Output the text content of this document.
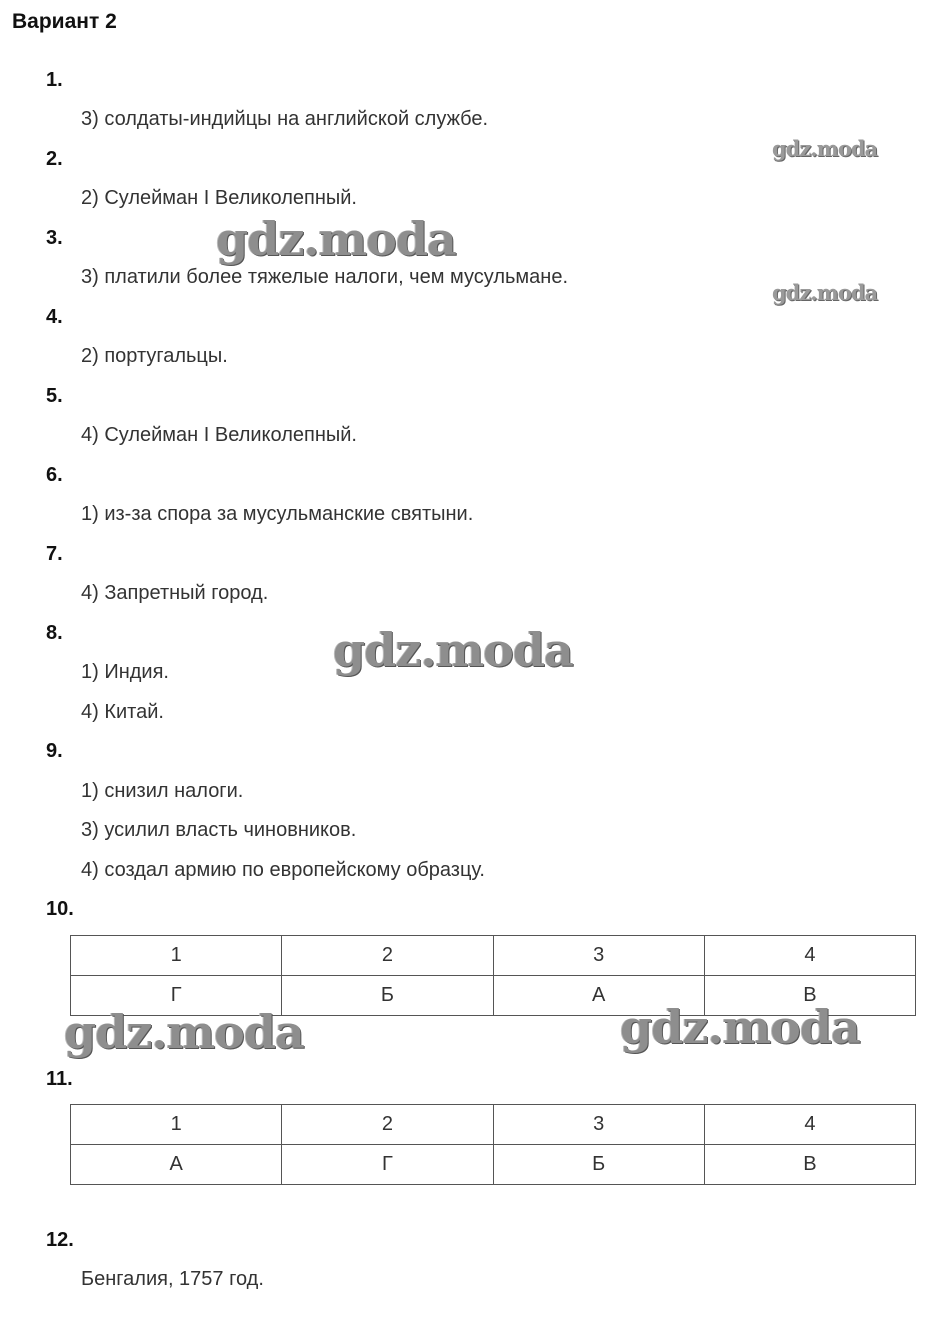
Вариант 2
1.
3) солдаты-индийцы на английской службе.
2.
2) Сулейман I Великолепный.
3.
3) платили более тяжелые налоги, чем мусульмане.
4.
2) португальцы.
5.
4) Сулейман I Великолепный.
6.
1) из-за спора за мусульманские святыни.
7.
4) Запретный город.
8.
1) Индия.
4) Китай.
9.
1) снизил налоги.
3) усилил власть чиновников.
4) создал армию по европейскому образцу.
10.
1	2	3	4
Г	Б	А	В
11.
1	2	3	4
А	Г	Б	В
12.
Бенгалия, 1757 год.
gdz.moda
gdz.moda
gdz.moda
gdz.moda
gdz.moda	gdz.moda
